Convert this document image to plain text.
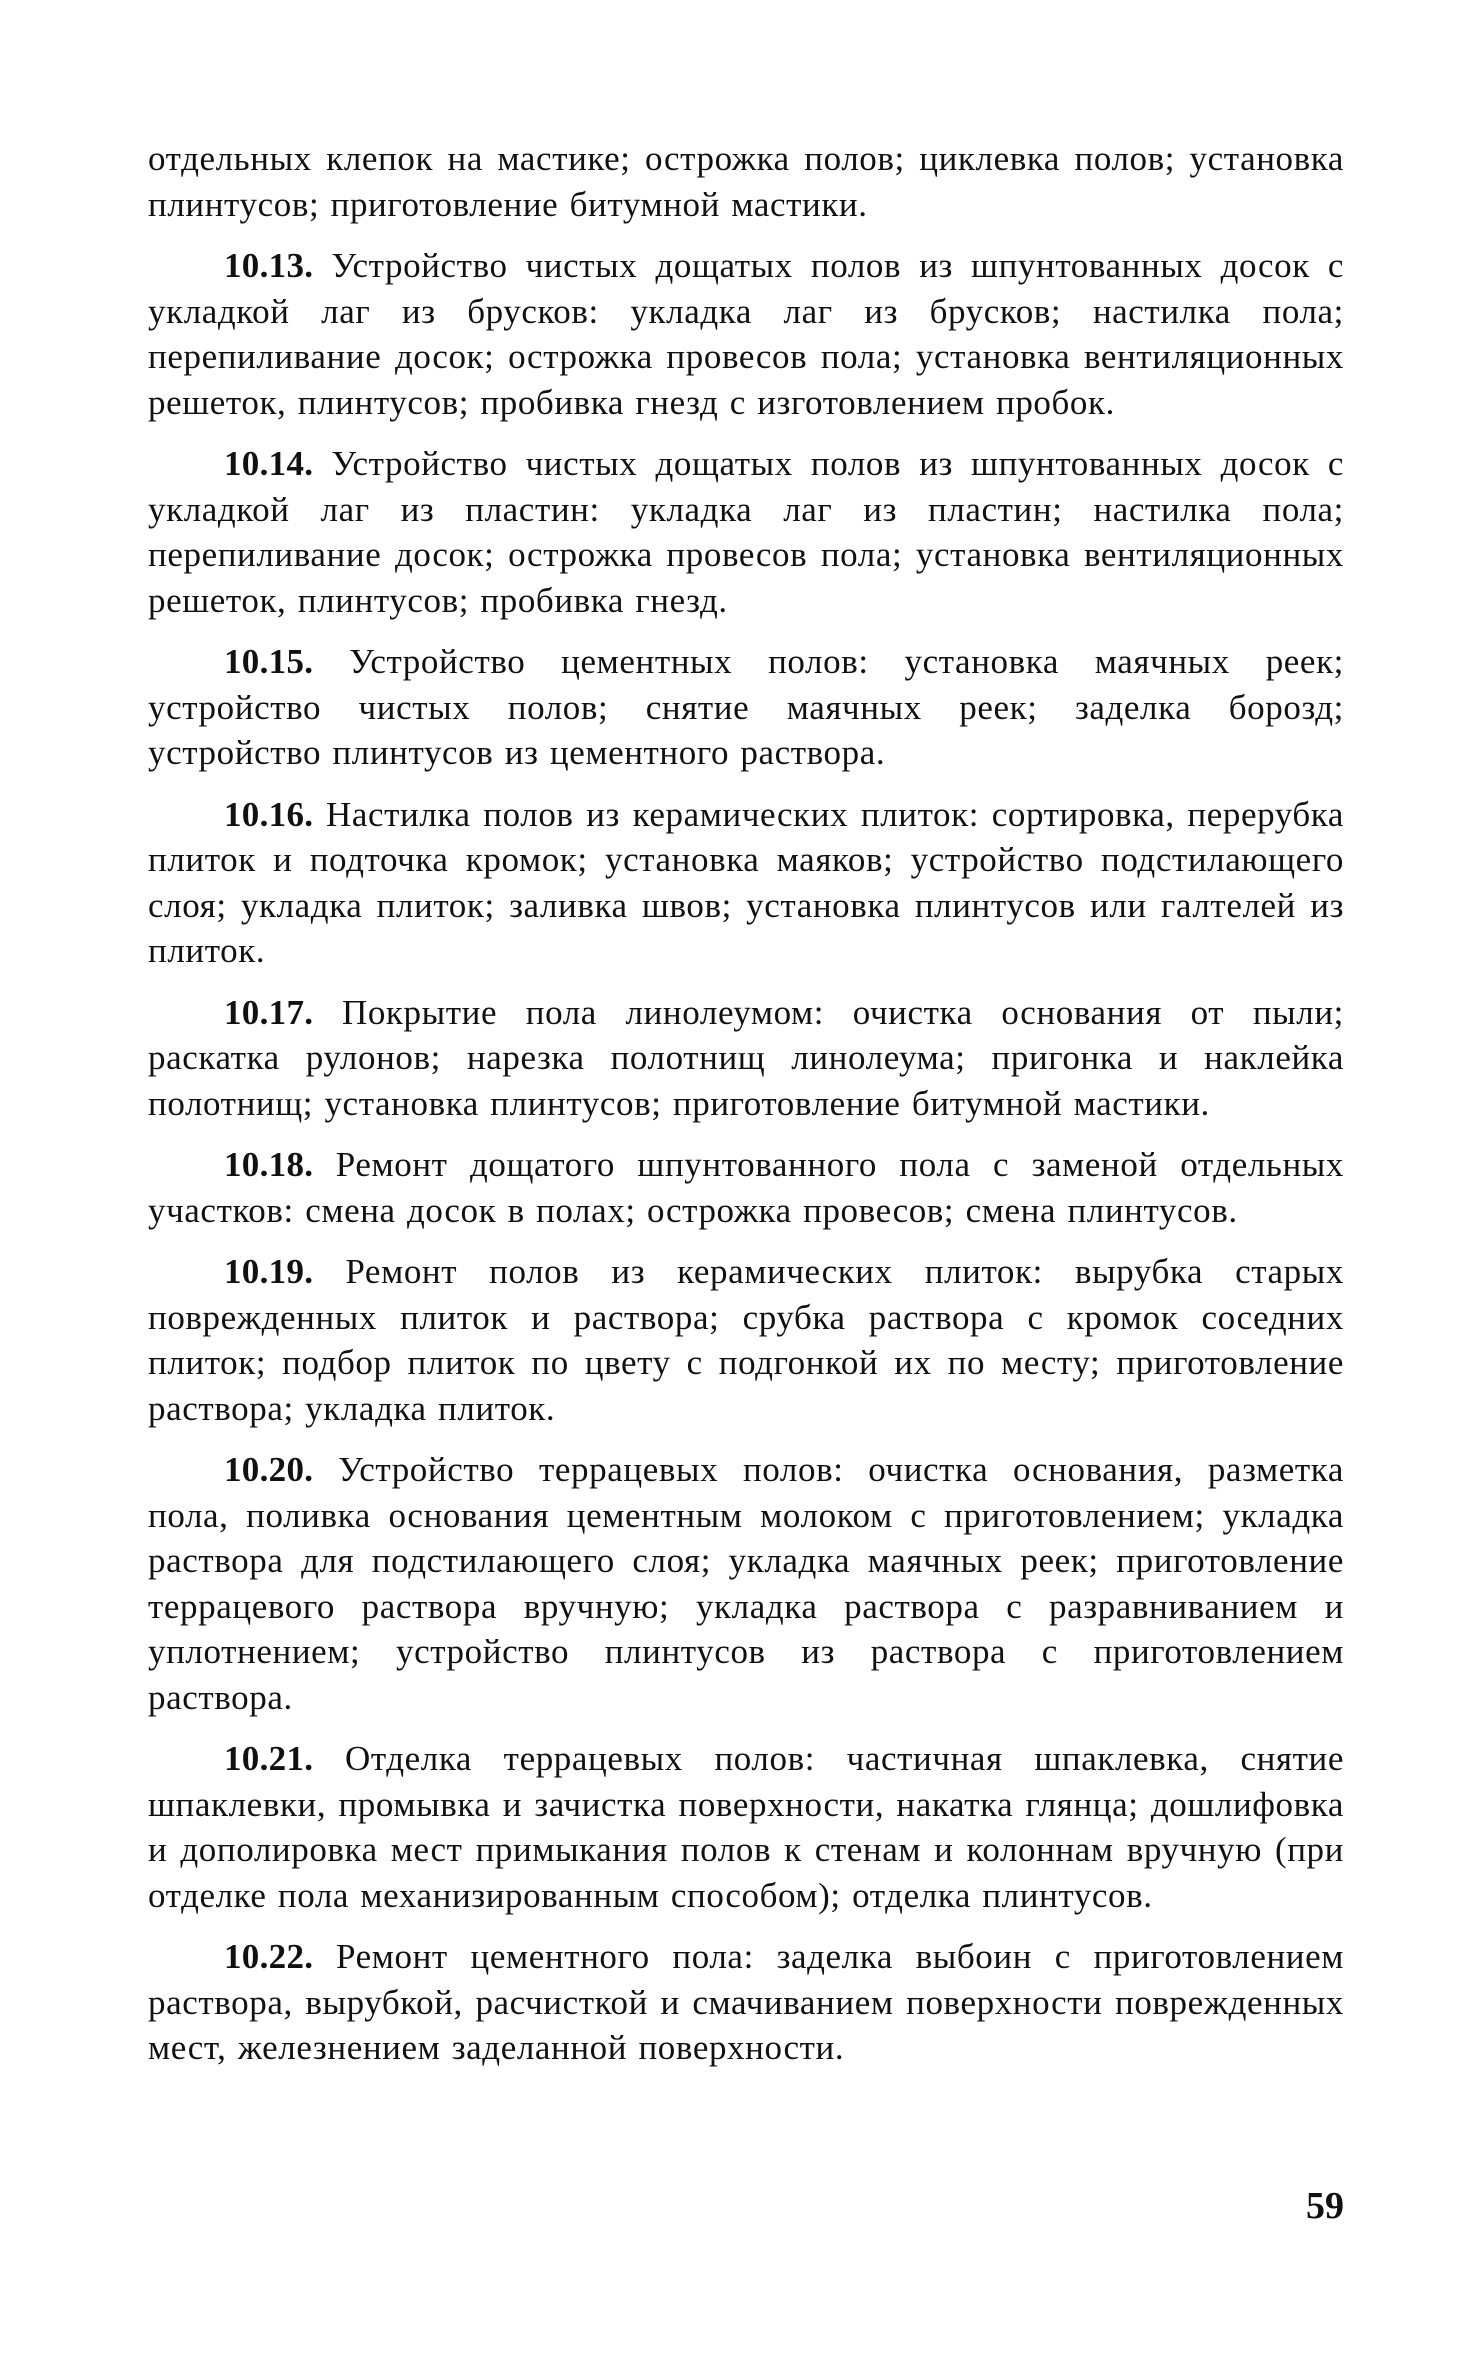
отдельных клепок на мастике; острожка полов; циклевка полов; установка плинтусов; приготовление битумной мастики.

10.13. Устройство чистых дощатых полов из шпунтованных досок с укладкой лаг из брусков: укладка лаг из брусков; настилка пола; перепиливание досок; острожка провесов пола; установка вентиляционных решеток, плинтусов; пробивка гнезд с изготовлением пробок.

10.14. Устройство чистых дощатых полов из шпунтованных досок с укладкой лаг из пластин: укладка лаг из пластин; настилка пола; перепиливание досок; острожка провесов пола; установка вентиляционных решеток, плинтусов; пробивка гнезд.

10.15. Устройство цементных полов: установка маячных реек; устройство чистых полов; снятие маячных реек; заделка борозд; устройство плинтусов из цементного раствора.

10.16. Настилка полов из керамических плиток: сортировка, перерубка плиток и подточка кромок; установка маяков; устройство подстилающего слоя; укладка плиток; заливка швов; установка плинтусов или галтелей из плиток.

10.17. Покрытие пола линолеумом: очистка основания от пыли; раскатка рулонов; нарезка полотнищ линолеума; пригонка и наклейка полотнищ; установка плинтусов; приготовление битумной мастики.

10.18. Ремонт дощатого шпунтованного пола с заменой отдельных участков: смена досок в полах; острожка провесов; смена плинтусов.

10.19. Ремонт полов из керамических плиток: вырубка старых поврежденных плиток и раствора; срубка раствора с кромок соседних плиток; подбор плиток по цвету с подгонкой их по месту; приготовление раствора; укладка плиток.

10.20. Устройство террацевых полов: очистка основания, разметка пола, поливка основания цементным молоком с приготовлением; укладка раствора для подстилающего слоя; укладка маячных реек; приготовление террацевого раствора вручную; укладка раствора с разравниванием и уплотнением; устройство плинтусов из раствора с приготовлением раствора.

10.21. Отделка террацевых полов: частичная шпаклевка, снятие шпаклевки, промывка и зачистка поверхности, накатка глянца; дошлифовка и дополировка мест примыкания полов к стенам и колоннам вручную (при отделке пола механизированным способом); отделка плинтусов.

10.22. Ремонт цементного пола: заделка выбоин с приготовлением раствора, вырубкой, расчисткой и смачиванием поверхности поврежденных мест, железнением заделанной поверхности.

59
